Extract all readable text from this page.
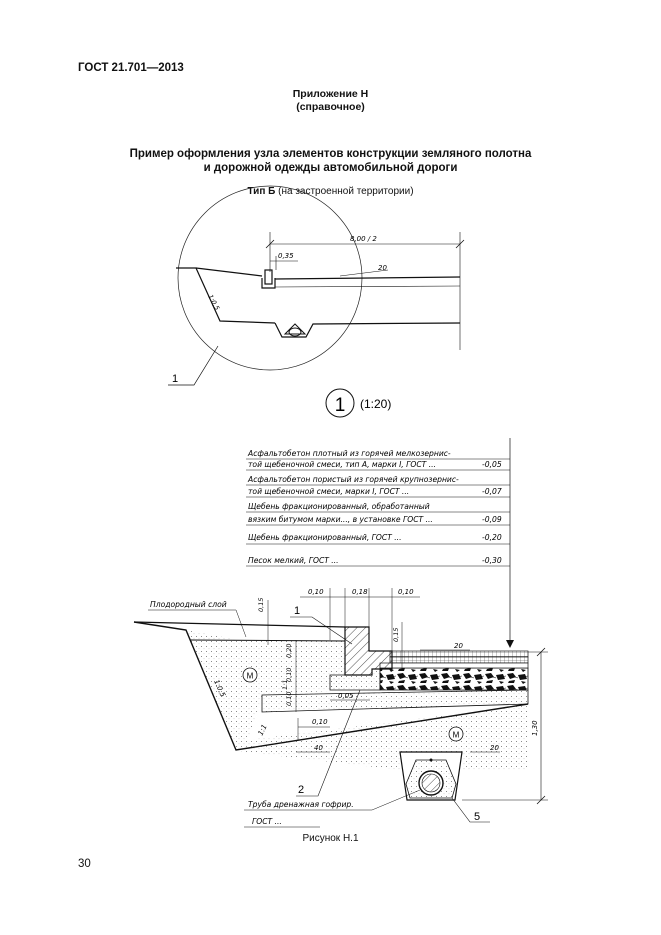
ГОСТ 21.701—2013
Приложение Н
(справочное)
Пример оформления узла элементов конструкции земляного полотна
и дорожной одежды автомобильной дороги
Тип Б (на застроенной территории)
8,00 / 2
0,35
20
1:0,5
1
1 (1:20)
Асфальтобетон плотный из горячей мелкозернис-
той щебеночной смеси, тип А, марки I, ГОСТ ...	-0,05
Асфальтобетон пористый из горячей крупнозернис-
той щебеночной смеси, марки I, ГОСТ ...	-0,07
Щебень фракционированный, обработанный
вязким битумом марки..., в установке ГОСТ ...	-0,09
Щебень фракционированный, ГОСТ ...	-0,20
Песок мелкий, ГОСТ ...	-0,30
М
М
0,10	0,18	0,10
Плодородный слой	0,15
0,20
0,10
0,10
1:1
0,15
20
0,05
0,10
1:0,5
1:1
40	20
1,30
1
2
5
Труба дренажная гофрир.
ГОСТ ...
Рисунок Н.1
30
